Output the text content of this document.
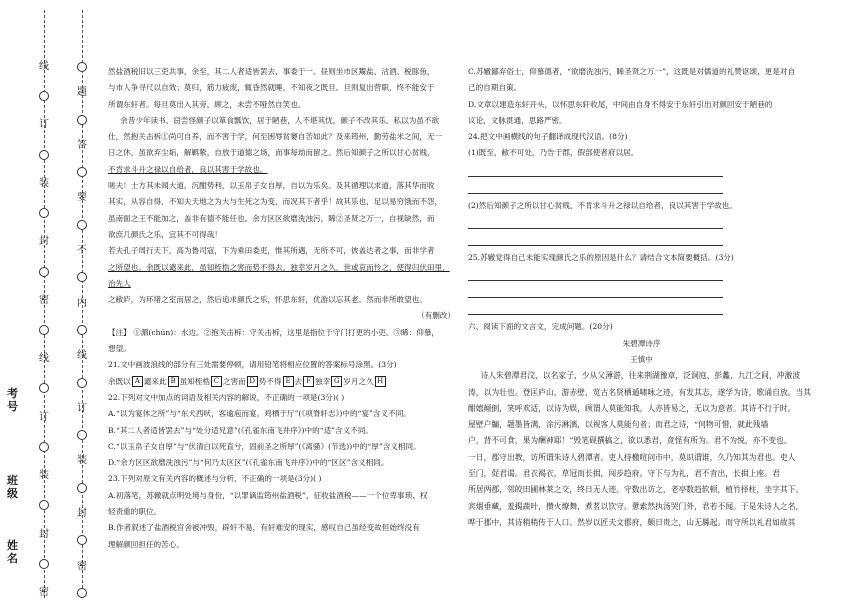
线
订
装
封
密
线
订
装
封
密
题
答
要
不
内
线
订
装
封
密
考
号
班
级
姓
名

然盐酒税旧以三吏共事，余至，其二人者适皆罢去，事委于一。昼则坐市区鬻盐、沽酒、税豚鱼，

与市人争寻尺以自效；莫归，筋力疲废，辄昏然就睡，不知夜之既旦。旦则复出营职，终不能安于

所谓东轩者。每旦莫出入其旁，顾之，未尝不哑然自笑也。

余昔少年读书，窃尝怪颜子以箪食瓢饮，居于陋巷，人不堪其忧，颜子不改其乐。私以为虽不欲

仕，然抱关击柝①尚可自养，而不害于学，何至困辱贫窭自苦如此？及来筠州，勤劳盐米之间，无一

日之休，虽欲弃尘垢，解羁絷，自放于道德之场，而事每劫而留之。然后知颜子之所以甘心贫贱，

不肯求斗升之禄以自给者，良以其害于学故也。

嗟夫！士方其未闻大道，沉酣势利，以玉帛子女自厚，自以为乐矣。及其循理以求道，落其华而收

其实，从容自得，不知夫天地之为大与生死之为变，而况其下者乎！故其乐也，足以易穷饿而不怨，

虽南面之王不能加之，盖非有德不能任也。余方区区欲磨洗浊污，睎②圣贤之万一，自视缺然，而

欲庶几颜氏之乐，宜其不可得哉！

若夫孔子周行天下，高为鲁司寇，下为乘田委吏，惟其所遇，无所不可，彼盖达者之事，而非学者

之所望也。余既以谴来此，虽知桎梏之害而势不得去。独幸岁月之久，世或哀而怜之，使得归伏田里，治先人

之敝庐，为环堵之室而居之，然后追求颜氏之乐，怀思东轩，优游以忘其老。然而非所敢望也。

（有删改）

【注】 ①漘(chún)：水边。②抱关击柝：守关击柝，这里是指位于守门打更的小吏。③睎：仰慕，

想望。

21.文中画波浪线的部分有三处需要停顿，请用铅笔将相应位置的答案标号涂黑。(3分)

余既以 A 谴来此 B 虽知桎梏 C 之害而 D 势不得 E 去 F 独幸 G 岁月之久 H

22.下列对文中加点的词语及相关内容的解说，不正确的一项是(3分)( )

A.“以为宴休之所”与“东犬西吠，客逾庖而宴，鸡栖于厅”(《项脊轩志》)中的“宴”含义不同。

B.“其二人者适皆罢去”与“处分适兄意”(《孔雀东南飞并序》)中的“适”含义不同。

C.“以玉帛子女自厚”与“伏清白以死直兮，固前圣之所厚”(《离骚》(节选))中的“厚”含义相同。

D.“余方区区欲磨洗浊污”与“何乃太区区”(《孔雀东南飞并序》)中的“区区”含义相同。

23.下列对原文有关内容的概述与分析，不正确的一项是(3分)( )

A.初落笔，苏辙就点明处境与身份，“以罪谪监筠州盐酒税”，征收盐酒税——一个位卑事琐、权

轻责重的职位。

B.作者叙述了盐酒税官舍被冲毁，辟轩不易，有轩难安的现实，感叹自己虽经变故但始终没有

理解颜回担任的苦心。

C.苏辙鄙弃俗士，仰慕德者，“欲磨洗浊污，睎圣贤之万一”，这既是对儒道的礼赞讴颂，更是对自

己的自期自策。

D.文章以建造东轩开头，以怀思东轩收尾，中间由自身不得安于东轩引出对颜回安于陋巷的

议论，文脉贯通，思路严密。

24.把文中画横线的句子翻译成现代汉语。(8分)

(1)既至，敝不可处，乃告于郡，假部使者府以居。

(2)然后知颜子之所以甘心贫贱，不肯求斗升之禄以自给者，良以其害于学故也。

25.苏辙觉得自己未能实现颜氏之乐的原因是什么？请结合文本简要概括。(3分)

六、阅读下面的文言文，完成问题。(20分)

朱碧潭诗序

王慎中

诗人朱碧潭君汶，以名家子，少从父薄游，往来荆湖豫章，泛洞庭、彭蠡、九江之间，冲激波

涛，以为壮也。登匡庐山，游赤壁，览古名贤栖遁啸咏之迹，有发其志，遂学为诗，歌诵自放。当其

酣嬉颠倒，笑呼欢适，以诗为娱，顾谓人莫能知我。人亦皆易之，无以为意者。其诗不行于时。

屋壁户牖，题墨皆满，涂污淋漓，以视客人莫能句者；而君之诗，“何物可惜，就此残墙

户，背不可食，果为酬神耶！”毁笔砚撰稿之，欲以悉君，竟怪有所为。君不为悦，亦不变也。

一日，郡守出教，访所谓朱诗人碧潭者。吏人持檄喧问市中，莫识谓谁，久乃知其为君也。吏人

至门，促君谒。君衣褐衣，草冠而长揖，闯步趋府。守下与为礼，君不肯出，长揖上座。君

所居两郡，邻皎田圃林莱之交，终日无人迹。守数出访之，老亭数趋软顿，植竹择柱，坐字其下。

宾烟垂藏，羞揭蔬叶，攒火燎舞，煮茗以饮守。惫索然执汤哭门外，君若不闻。于是朱诗人之名，

哗于郡中，其诗稍稍传于人口。然岁以匠夫文郡府，颇日贵之，山无縣起。而守所以礼君如故其
